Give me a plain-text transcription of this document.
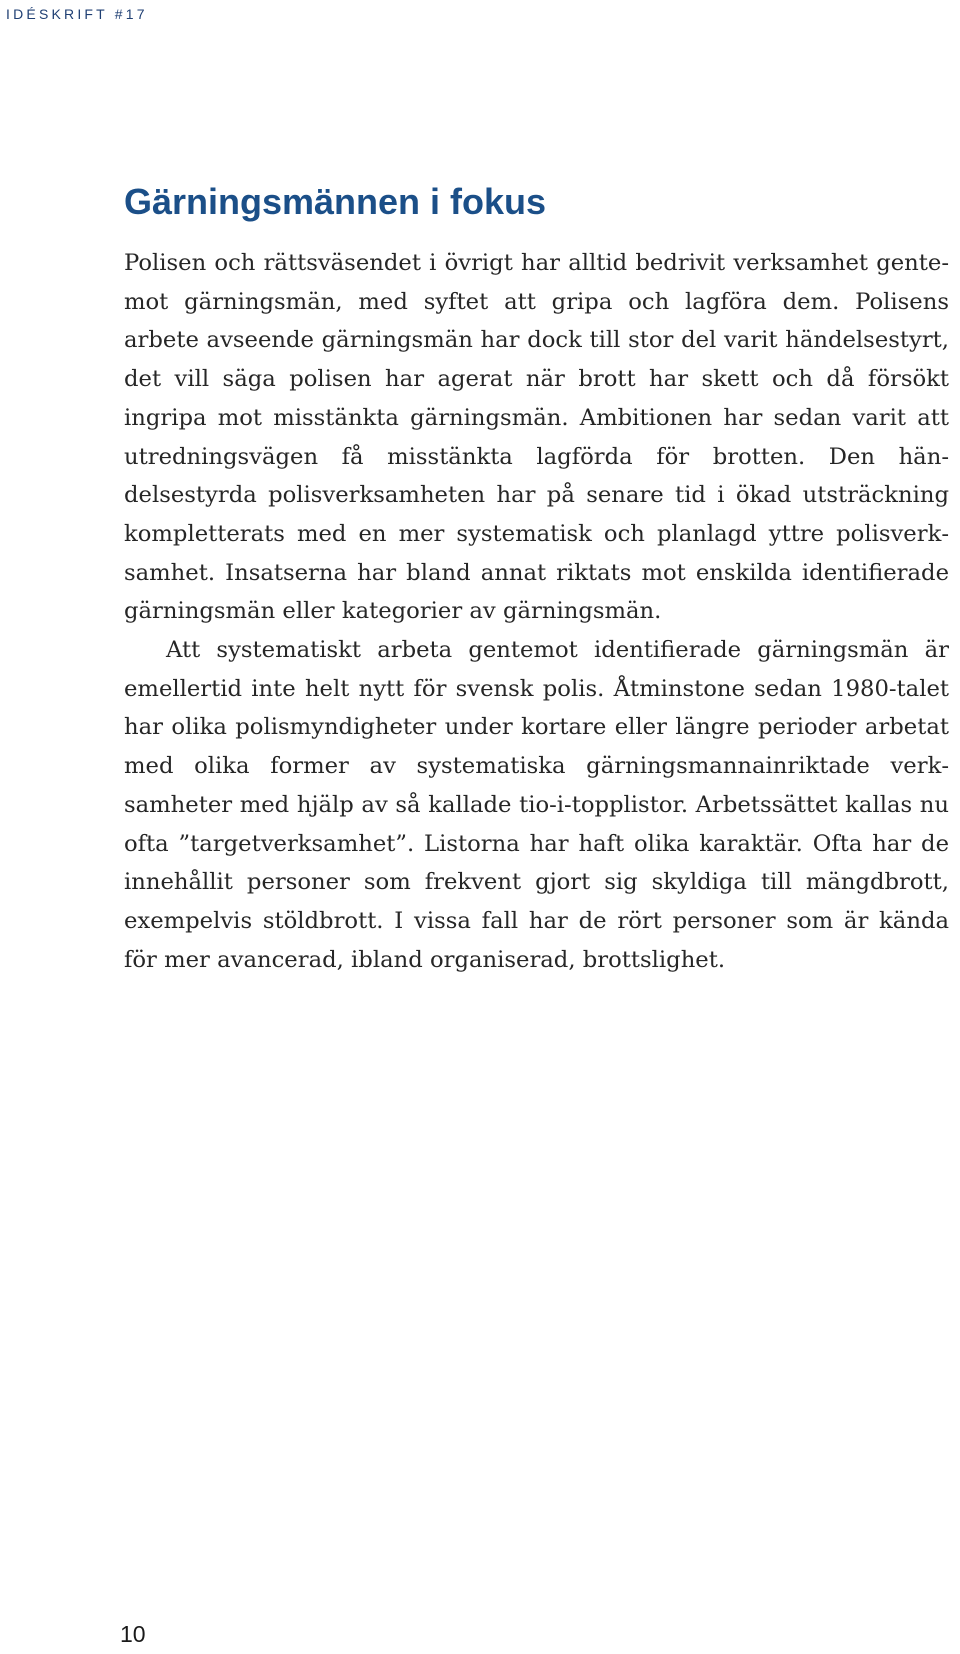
IDÉSKRIFT #17
Gärningsmännen i fokus

Polisen och rättsväsendet i övrigt har alltid bedrivit verksamhet gentemot gärningsmän, med syftet att gripa och lagföra dem. Polisens arbete avseende gärningsmän har dock till stor del varit händelsestyrt, det vill säga polisen har agerat när brott har skett och då försökt ingripa mot misstänkta gärningsmän. Ambitionen har sedan varit att utredningsvägen få misstänkta lagförda för brotten. Den händelsestyrda polisverksamheten har på senare tid i ökad utsträckning kompletterats med en mer systematisk och planlagd yttre polisverksamhet. Insatserna har bland annat riktats mot enskilda identifierade gärningsmän eller kategorier av gärningsmän.

Att systematiskt arbeta gentemot identifierade gärningsmän är emellertid inte helt nytt för svensk polis. Åtminstone sedan 1980-talet har olika polismyndigheter under kortare eller längre perioder arbetat med olika former av systematiska gärningsmannainriktade verksamheter med hjälp av så kallade tio-i-topplistor. Arbetssättet kallas nu ofta ”targetverksamhet”. Listorna har haft olika karaktär. Ofta har de innehållit personer som frekvent gjort sig skyldiga till mängdbrott, exempelvis stöldbrott. I vissa fall har de rört personer som är kända för mer avancerad, ibland organiserad, brottslighet.

10
